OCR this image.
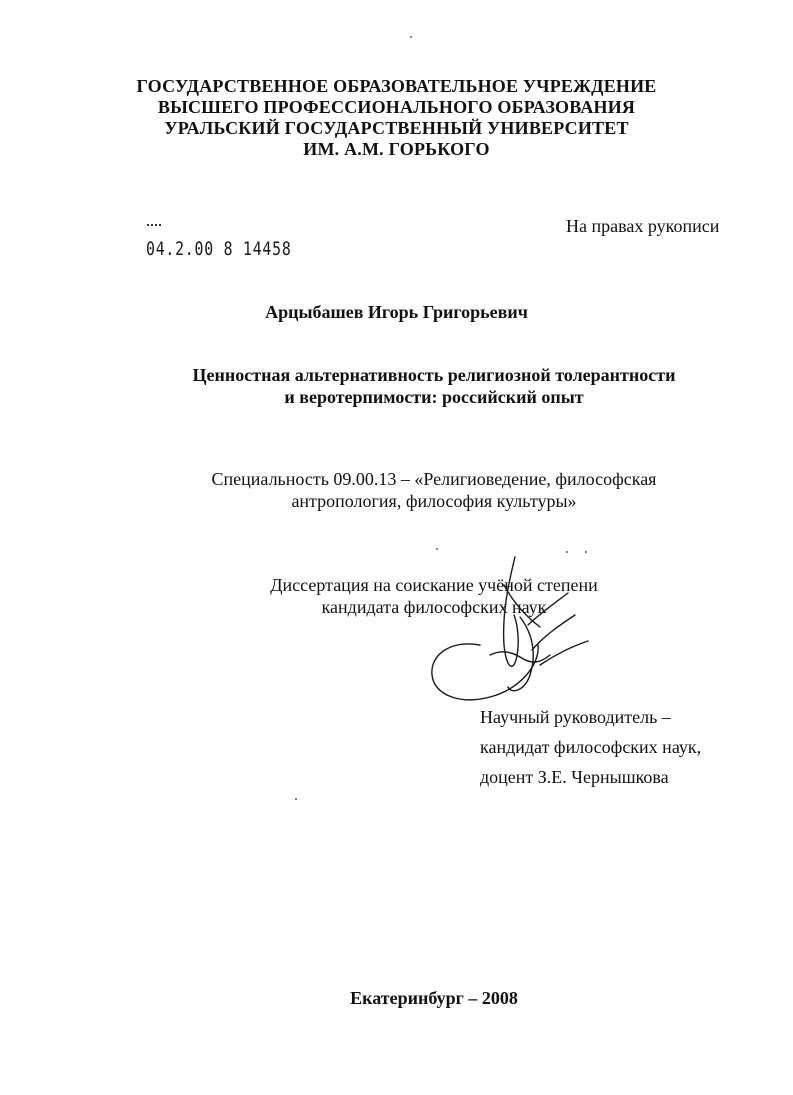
ГОСУДАРСТВЕННОЕ ОБРАЗОВАТЕЛЬНОЕ УЧРЕЖДЕНИЕ
ВЫСШЕГО ПРОФЕССИОНАЛЬНОГО ОБРАЗОВАНИЯ
УРАЛЬСКИЙ ГОСУДАРСТВЕННЫЙ УНИВЕРСИТЕТ
ИМ. А.М. ГОРЬКОГО
На правах рукописи
04.2.00 8 14458
Арцыбашев Игорь Григорьевич
Ценностная альтернативность религиозной толерантности
и веротерпимости: российский опыт
Специальность 09.00.13 – «Религиоведение, философская
антропология, философия культуры»
Диссертация на соискание учёной степени
кандидата философских наук
Научный руководитель –
кандидат философских наук,
доцент З.Е. Чернышкова
Екатеринбург – 2008
